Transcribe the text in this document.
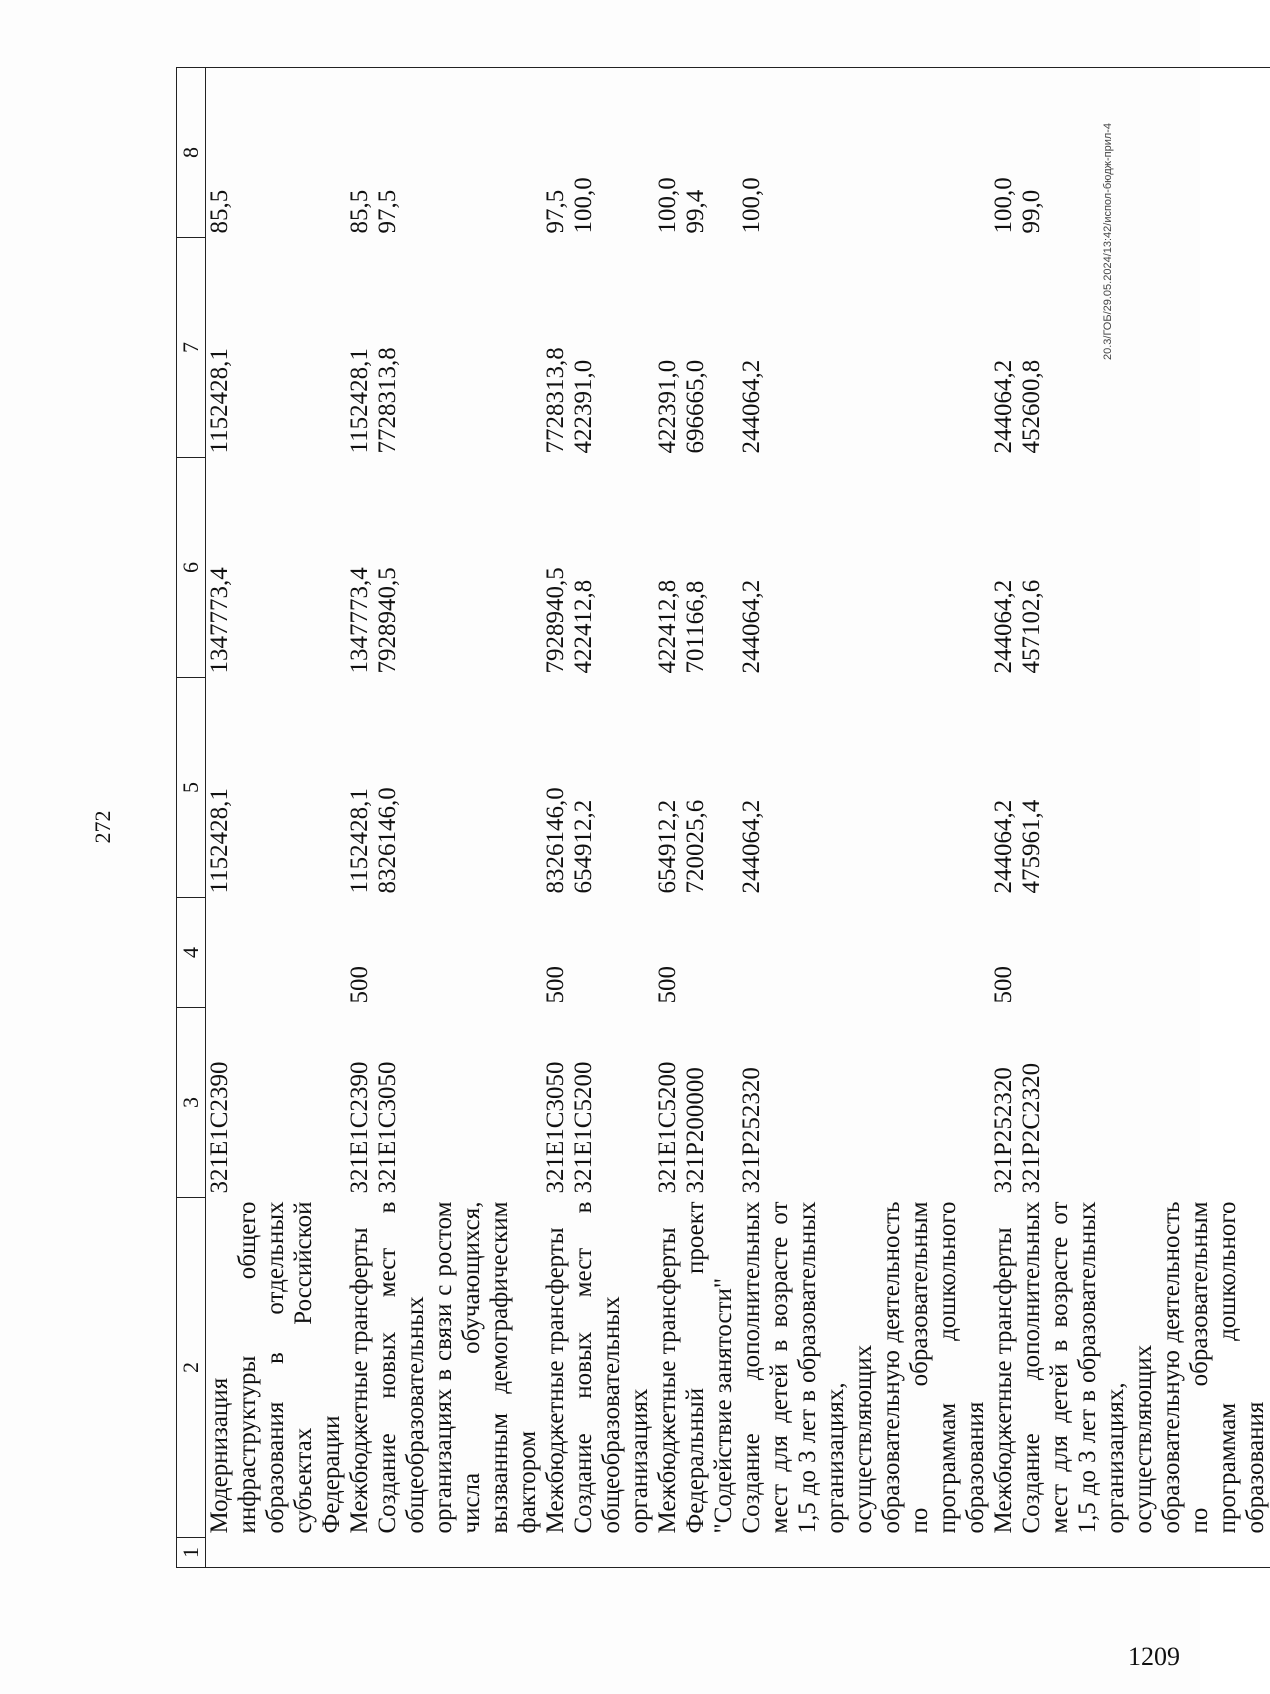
272
20.3/ГОБ/29.05.2024/13:42/испол-бюдж-прил-4
1	2	3	4	5	6	7	8
	Модернизация инфраструктуры общего образования в отдельных субъектах Российской Федерации	321E1C2390		1152428,1	1347773,4	1152428,1	85,5
	Межбюджетные трансферты	321E1C2390	500	1152428,1	1347773,4	1152428,1	85,5
	Создание новых мест в общеобразовательных организациях в связи с ростом числа обучающихся, вызванным демографическим фактором	321E1C3050		8326146,0	7928940,5	7728313,8	97,5
	Межбюджетные трансферты	321E1C3050	500	8326146,0	7928940,5	7728313,8	97,5
	Создание новых мест в общеобразовательных организациях	321E1C5200		654912,2	422412,8	422391,0	100,0
	Межбюджетные трансферты	321E1C5200	500	654912,2	422412,8	422391,0	100,0
	Федеральный проект "Содействие занятости"	321P200000		720025,6	701166,8	696665,0	99,4
	Создание дополнительных мест для детей в возрасте от 1,5 до 3 лет в образовательных организациях, осуществляющих образовательную деятельность по образовательным программам дошкольного образования	321P252320		244064,2	244064,2	244064,2	100,0
	Межбюджетные трансферты	321P252320	500	244064,2	244064,2	244064,2	100,0
	Создание дополнительных мест для детей в возрасте от 1,5 до 3 лет в образовательных организациях, осуществляющих образовательную деятельность по образовательным программам дошкольного образования	321P2C2320		475961,4	457102,6	452600,8	99,0
1209
